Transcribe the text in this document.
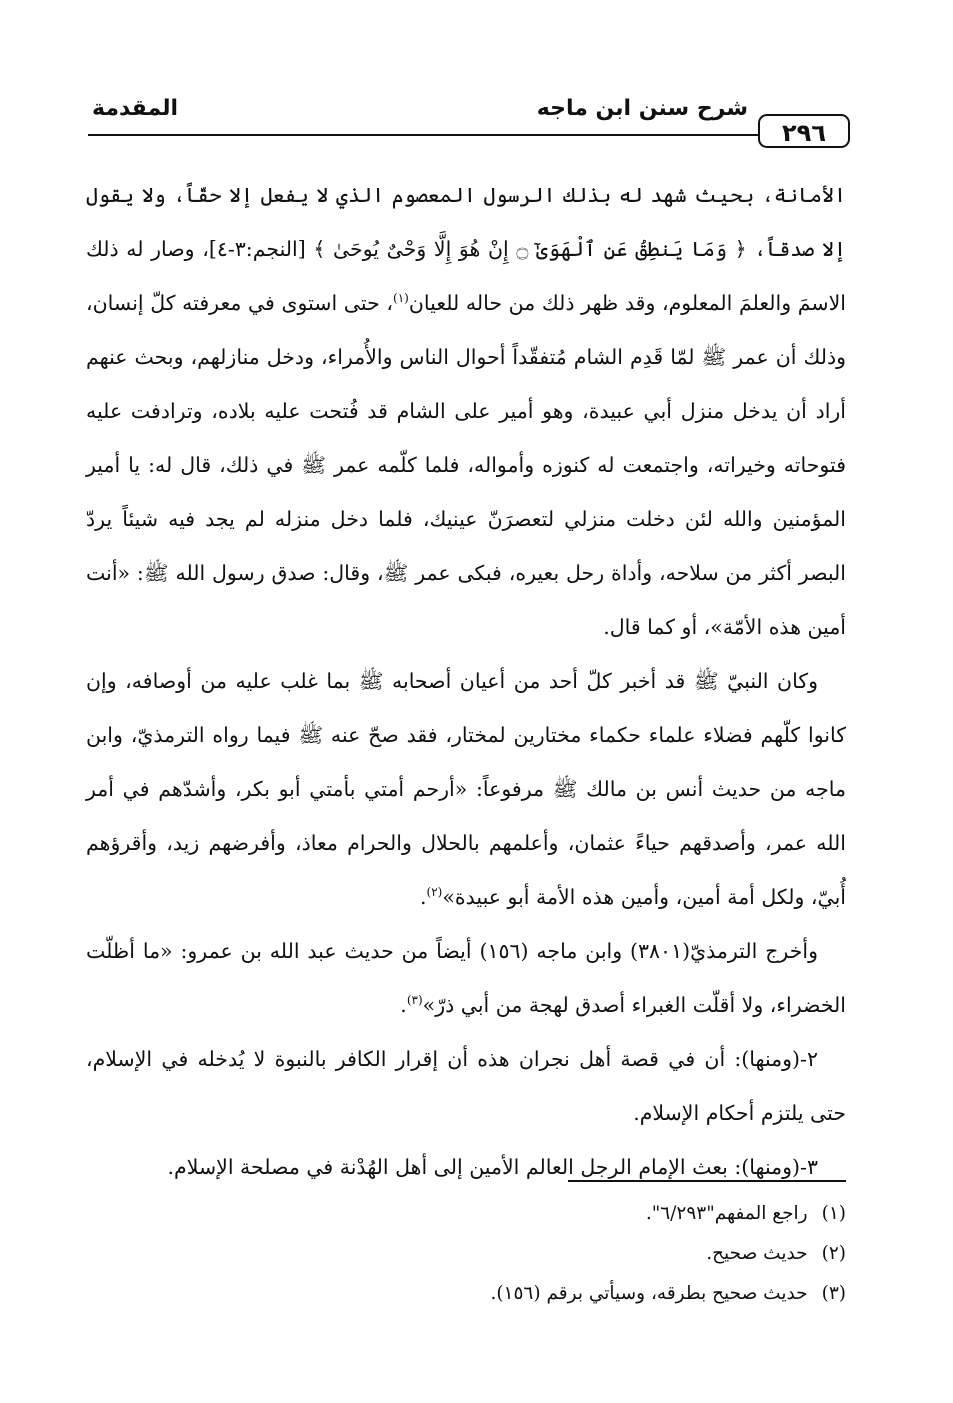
٢٩٦
شرح سنن ابن ماجه
المقدمة

الأمانة، بحيث شهد له بذلك الرسول المعصوم الذي لا يفعل إلا حقّاً، ولا يقول إلا صدقاً، ﴿ وَمَا يَنطِقُ عَنِ ٱلْهَوَىٰٓ ۝ إِنْ هُوَ إِلَّا وَحْىٌ يُوحَىٰ ﴾ [النجم:٣-٤]، وصار له ذلك الاسمَ والعلمَ المعلوم، وقد ظهر ذلك من حاله للعيان$^{(١)}$، حتى استوى في معرفته كلّ إنسان، وذلك أن عمر ﷺ لمّا قَدِم الشام مُتفقّداً أحوال الناس والأُمراء، ودخل منازلهم، وبحث عنهم أراد أن يدخل منزل أبي عبيدة، وهو أمير على الشام قد فُتحت عليه بلاده، وترادفت عليه فتوحاته وخيراته، واجتمعت له كنوزه وأمواله، فلما كلّمه عمر ﷺ في ذلك، قال له: يا أمير المؤمنين والله لئن دخلت منزلي لتعصرَنّ عينيك، فلما دخل منزله لم يجد فيه شيئاً يردّ البصر أكثر من سلاحه، وأداة رحل بعيره، فبكى عمر ﷺ، وقال: صدق رسول الله ﷺ: «أنت أمين هذه الأمّة»، أو كما قال.

وكان النبيّ ﷺ قد أخبر كلّ أحد من أعيان أصحابه ﷺ بما غلب عليه من أوصافه، وإن كانوا كلّهم فضلاء علماء حكماء مختارين لمختار، فقد صحّ عنه ﷺ فيما رواه الترمذيّ، وابن ماجه من حديث أنس بن مالك ﷺ مرفوعاً: «أرحم أمتي بأمتي أبو بكر، وأشدّهم في أمر الله عمر، وأصدقهم حياءً عثمان، وأعلمهم بالحلال والحرام معاذ، وأفرضهم زيد، وأقرؤهم أُبيّ، ولكل أمة أمين، وأمين هذه الأمة أبو عبيدة»$^{(٢)}$.

وأخرج الترمذيّ(٣٨٠١) وابن ماجه (١٥٦) أيضاً من حديث عبد الله بن عمرو: «ما أظلّت الخضراء، ولا أقلّت الغبراء أصدق لهجة من أبي ذرّ»$^{(٣)}$.

٢-(ومنها): أن في قصة أهل نجران هذه أن إقرار الكافر بالنبوة لا يُدخله في الإسلام، حتى يلتزم أحكام الإسلام.

٣-(ومنها): بعث الإمام الرجل العالم الأمين إلى أهل الهُدْنة في مصلحة الإسلام.

(١)راجع المفهم"٦/٢٩٣".
(٢)حديث صحيح.
(٣)حديث صحيح بطرقه، وسيأتي برقم (١٥٦).
